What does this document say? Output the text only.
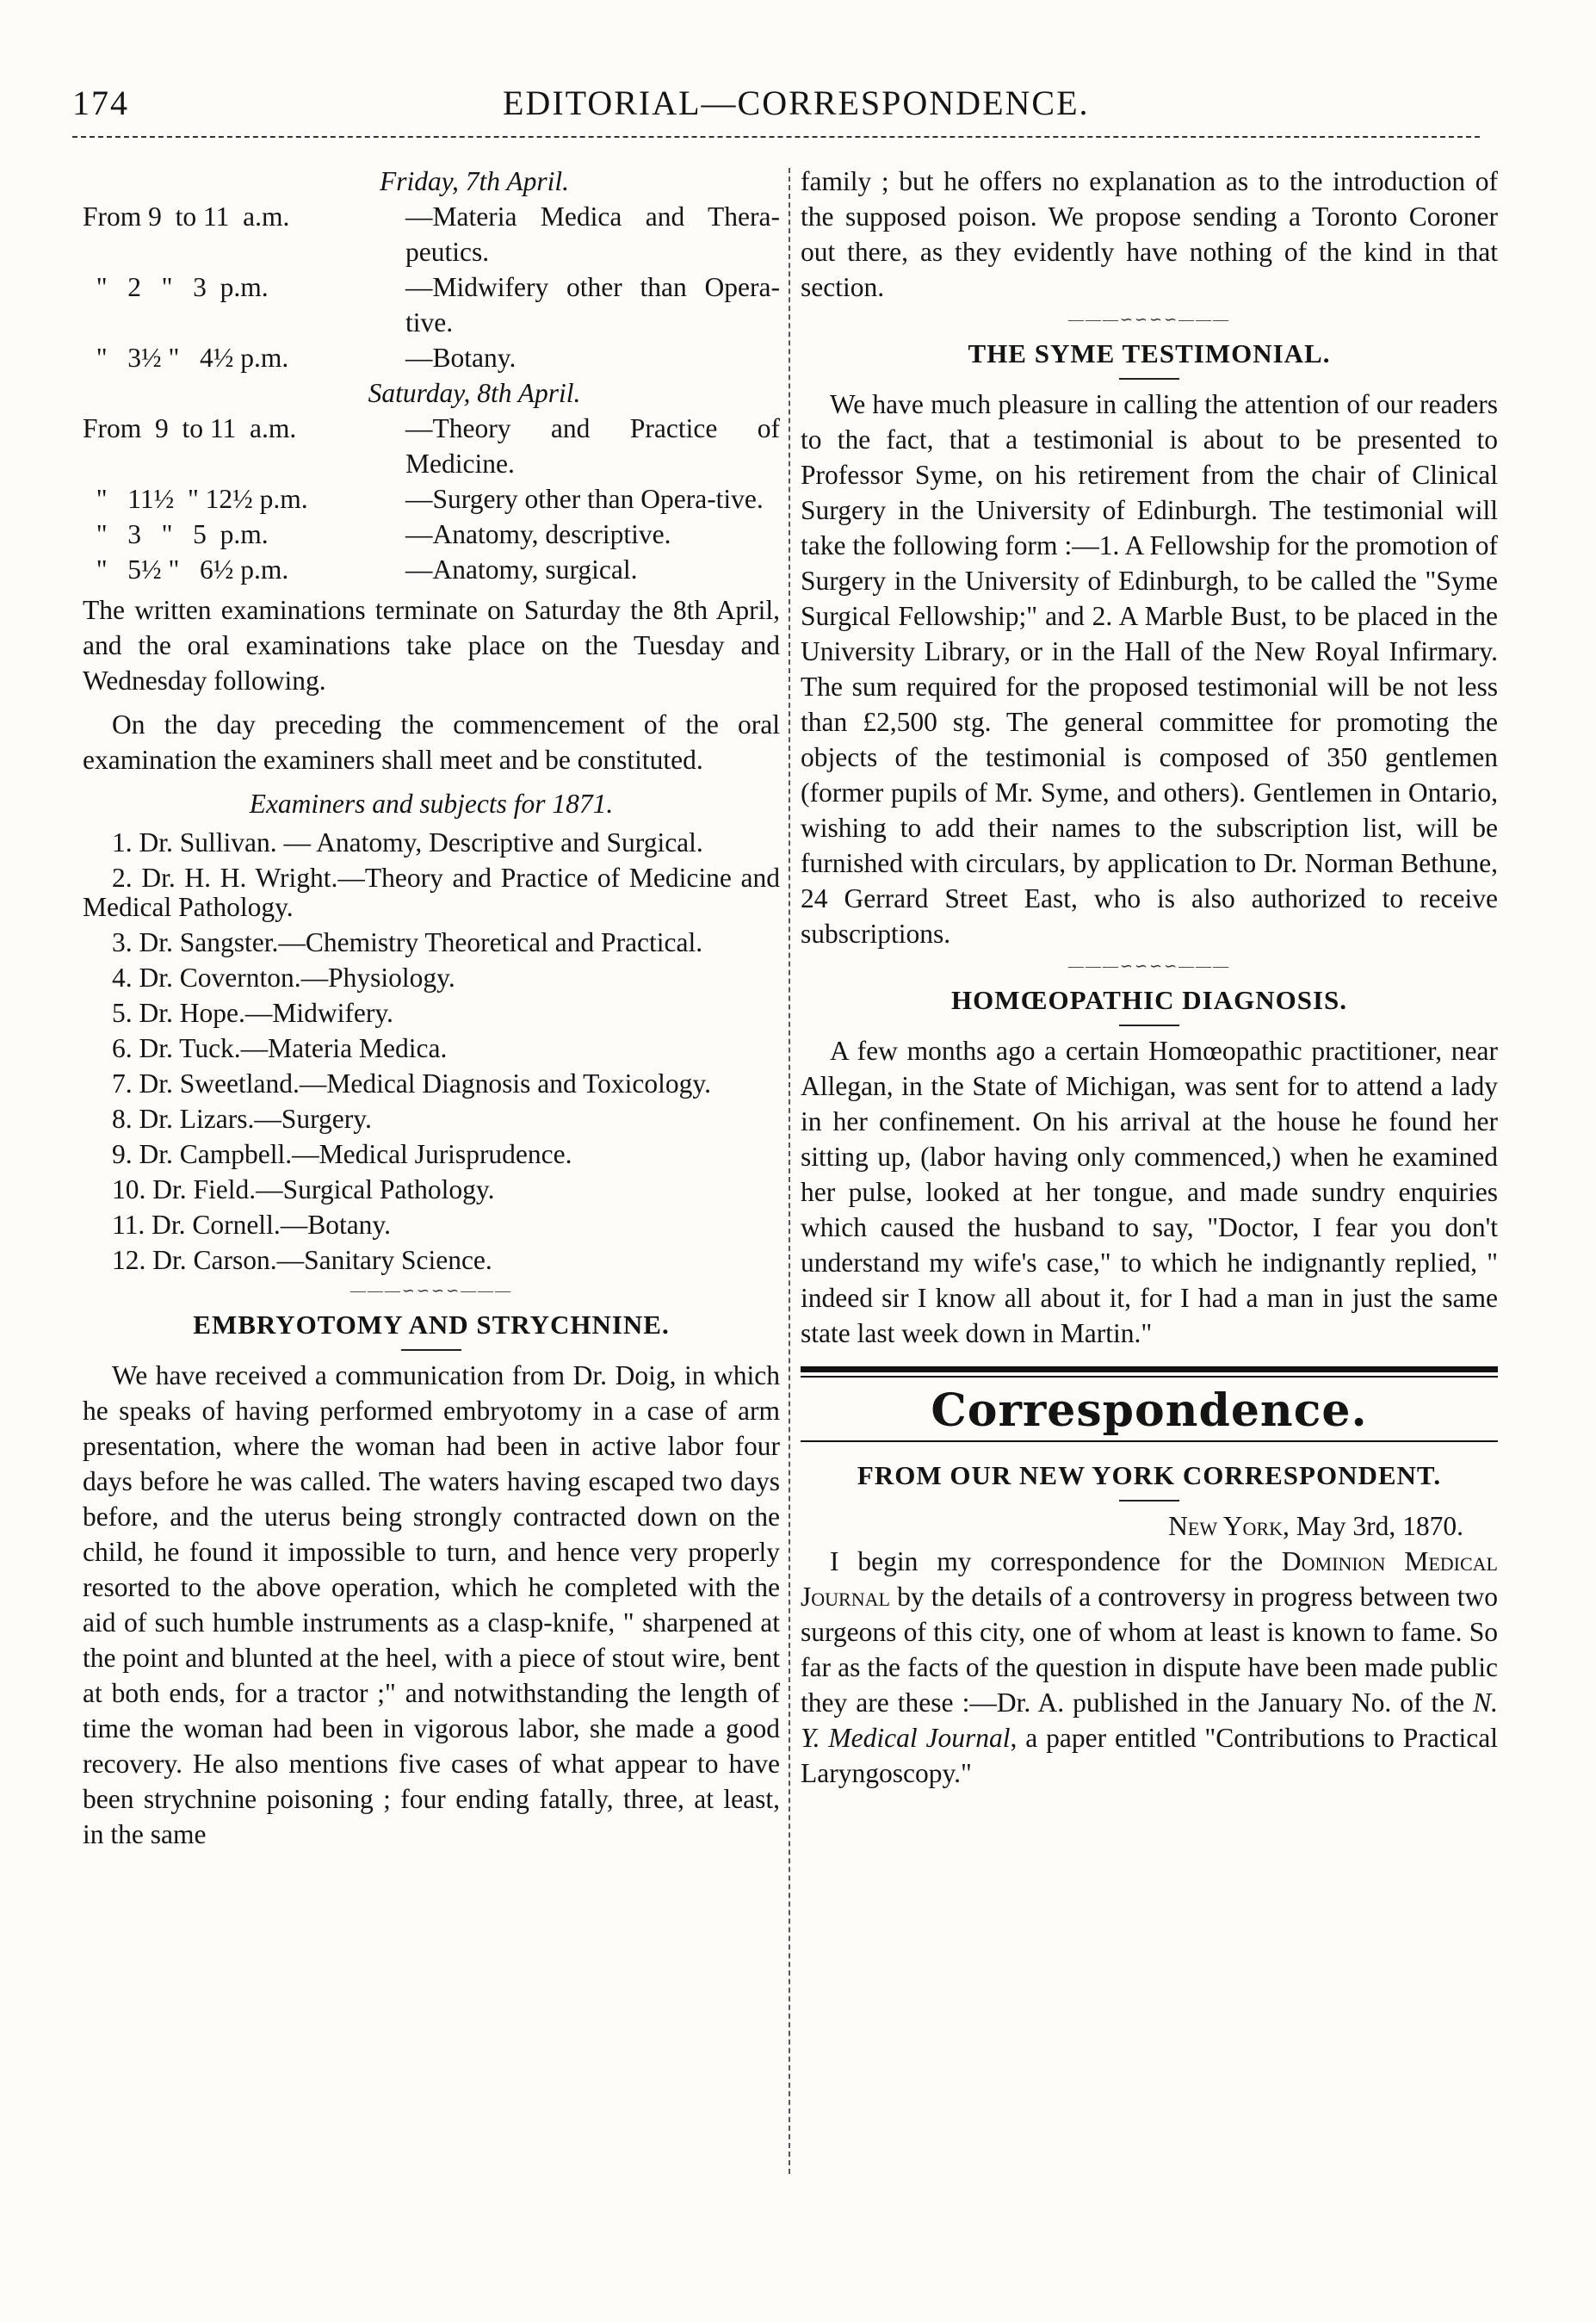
174	EDITORIAL—CORRESPONDENCE.

Friday, 7th April.

From 9  to 11  a.m.	—Materia Medica and Thera-peutics.
"   2   "   3  p.m.	—Midwifery other than Opera-tive.
"   3½ "   4½ p.m.	—Botany.

Saturday, 8th April.

From  9  to 11  a.m.	—Theory and Practice of Medicine.
"   11½  " 12½ p.m.	—Surgery other than Opera-tive.
"   3   "   5  p.m.	—Anatomy, descriptive.
"   5½ "   6½ p.m.	—Anatomy, surgical.

The written examinations terminate on Saturday the 8th April, and the oral examinations take place on the Tuesday and Wednesday following.

On the day preceding the commencement of the oral examination the examiners shall meet and be constituted.

Examiners and subjects for 1871.

1. Dr. Sullivan. — Anatomy, Descriptive and Surgical.
2. Dr. H. H. Wright.—Theory and Practice of Medicine and Medical Pathology.
3. Dr. Sangster.—Chemistry Theoretical and Practical.
4. Dr. Covernton.—Physiology.
5. Dr. Hope.—Midwifery.
6. Dr. Tuck.—Materia Medica.
7. Dr. Sweetland.—Medical Diagnosis and Toxicology.
8. Dr. Lizars.—Surgery.
9. Dr. Campbell.—Medical Jurisprudence.
10. Dr. Field.—Surgical Pathology.
11. Dr. Cornell.—Botany.
12. Dr. Carson.—Sanitary Science.
———∽∽∽∽———
EMBRYOTOMY AND STRYCHNINE.

We have received a communication from Dr. Doig, in which he speaks of having performed embryotomy in a case of arm presentation, where the woman had been in active labor four days before he was called. The waters having escaped two days before, and the uterus being strongly contracted down on the child, he found it impossible to turn, and hence very properly resorted to the above operation, which he completed with the aid of such humble instruments as a clasp-knife, " sharpened at the point and blunted at the heel, with a piece of stout wire, bent at both ends, for a tractor ;" and notwithstanding the length of time the woman had been in vigorous labor, she made a good recovery. He also mentions five cases of what appear to have been strychnine poisoning ; four ending fatally, three, at least, in the same

family ; but he offers no explanation as to the introduction of the supposed poison. We propose sending a Toronto Coroner out there, as they evidently have nothing of the kind in that section.

———∽∽∽∽———
THE SYME TESTIMONIAL.

We have much pleasure in calling the attention of our readers to the fact, that a testimonial is about to be presented to Professor Syme, on his retirement from the chair of Clinical Surgery in the University of Edinburgh. The testimonial will take the following form :—1. A Fellowship for the promotion of Surgery in the University of Edinburgh, to be called the "Syme Surgical Fellowship;" and 2. A Marble Bust, to be placed in the University Library, or in the Hall of the New Royal Infirmary. The sum required for the proposed testimonial will be not less than £2,500 stg. The general committee for promoting the objects of the testimonial is composed of 350 gentlemen (former pupils of Mr. Syme, and others). Gentlemen in Ontario, wishing to add their names to the subscription list, will be furnished with circulars, by application to Dr. Norman Bethune, 24 Gerrard Street East, who is also authorized to receive subscriptions.

———∽∽∽∽———
HOMŒOPATHIC DIAGNOSIS.

A few months ago a certain Homœopathic practitioner, near Allegan, in the State of Michigan, was sent for to attend a lady in her confinement. On his arrival at the house he found her sitting up, (labor having only commenced,) when he examined her pulse, looked at her tongue, and made sundry enquiries which caused the husband to say, "Doctor, I fear you don't understand my wife's case," to which he indignantly replied, " indeed sir I know all about it, for I had a man in just the same state last week down in Martin."

Correspondence.
FROM OUR NEW YORK CORRESPONDENT.

New York, May 3rd, 1870.

I begin my correspondence for the Dominion Medical Journal by the details of a controversy in progress between two surgeons of this city, one of whom at least is known to fame. So far as the facts of the question in dispute have been made public they are these :—Dr. A. published in the January No. of the N. Y. Medical Journal, a paper entitled "Contributions to Practical Laryngoscopy."
